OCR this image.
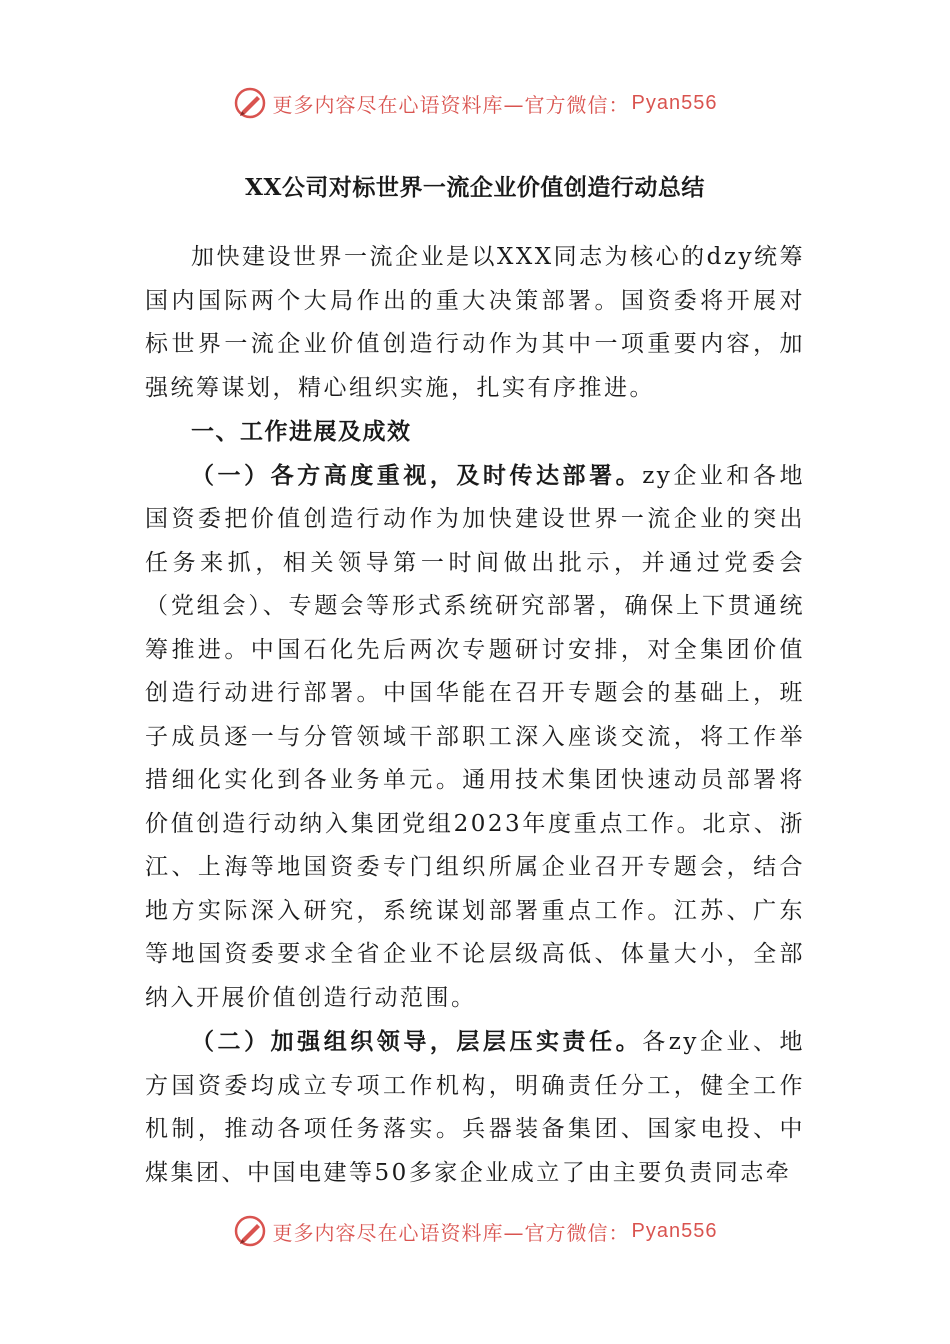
更多内容尽在心语资料库—官方微信： Pyan556
XX公司对标世界一流企业价值创造行动总结

加快建设世界一流企业是以XXX同志为核心的dzy统筹国内国际两个大局作出的重大决策部署。国资委将开展对标世界一流企业价值创造行动作为其中一项重要内容，加强统筹谋划，精心组织实施，扎实有序推进。

一、工作进展及成效

（一）各方高度重视，及时传达部署。zy企业和各地国资委把价值创造行动作为加快建设世界一流企业的突出任务来抓，相关领导第一时间做出批示，并通过党委会（党组会）、专题会等形式系统研究部署，确保上下贯通统筹推进。中国石化先后两次专题研讨安排，对全集团价值创造行动进行部署。中国华能在召开专题会的基础上，班子成员逐一与分管领域干部职工深入座谈交流，将工作举措细化实化到各业务单元。通用技术集团快速动员部署将价值创造行动纳入集团党组2023年度重点工作。北京、浙江、上海等地国资委专门组织所属企业召开专题会，结合地方实际深入研究，系统谋划部署重点工作。江苏、广东等地国资委要求全省企业不论层级高低、体量大小，全部纳入开展价值创造行动范围。

（二）加强组织领导，层层压实责任。各zy企业、地方国资委均成立专项工作机构，明确责任分工，健全工作机制，推动各项任务落实。兵器装备集团、国家电投、中煤集团、中国电建等50多家企业成立了由主要负责同志牵

更多内容尽在心语资料库—官方微信： Pyan556
